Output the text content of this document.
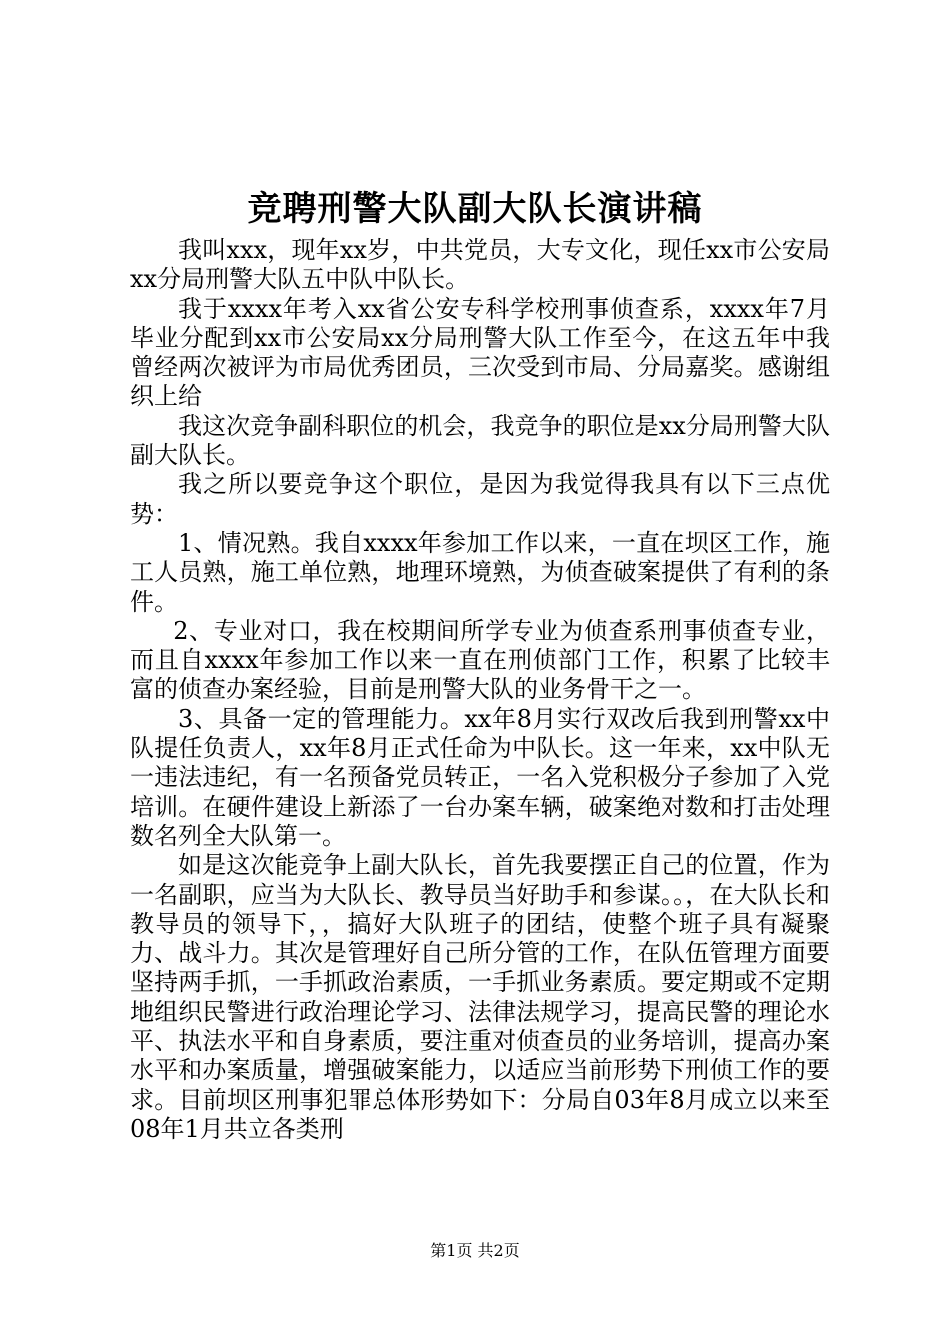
竞聘刑警大队副大队长演讲稿

我叫xxx，现年xx岁，中共党员，大专文化，现任xx市公安局xx分局刑警大队五中队中队长。

我于xxxx年考入xx省公安专科学校刑事侦查系，xxxx年7月毕业分配到xx市公安局xx分局刑警大队工作至今，在这五年中我曾经两次被评为市局优秀团员，三次受到市局、分局嘉奖。感谢组织上给

我这次竞争副科职位的机会，我竞争的职位是xx分局刑警大队副大队长。

我之所以要竞争这个职位，是因为我觉得我具有以下三点优势：

1、情况熟。我自xxxx年参加工作以来，一直在坝区工作，施工人员熟，施工单位熟，地理环境熟，为侦查破案提供了有利的条件。

2、专业对口，我在校期间所学专业为侦查系刑事侦查专业，而且自xxxx年参加工作以来一直在刑侦部门工作，积累了比较丰富的侦查办案经验，目前是刑警大队的业务骨干之一。

3、具备一定的管理能力。xx年8月实行双改后我到刑警xx中队提任负责人，xx年8月正式任命为中队长。这一年来，xx中队无一违法违纪，有一名预备党员转正，一名入党积极分子参加了入党培训。在硬件建设上新添了一台办案车辆，破案绝对数和打击处理数名列全大队第一。

如是这次能竞争上副大队长，首先我要摆正自己的位置，作为一名副职，应当为大队长、教导员当好助手和参谋。。，在大队长和教导员的领导下，，搞好大队班子的团结，使整个班子具有凝聚力、战斗力。其次是管理好自己所分管的工作，在队伍管理方面要坚持两手抓，一手抓政治素质，一手抓业务素质。要定期或不定期地组织民警进行政治理论学习、法律法规学习，提高民警的理论水平、执法水平和自身素质，要注重对侦查员的业务培训，提高办案水平和办案质量，增强破案能力，以适应当前形势下刑侦工作的要求。目前坝区刑事犯罪总体形势如下：分局自03年8月成立以来至08年1月共立各类刑

第1页 共2页
